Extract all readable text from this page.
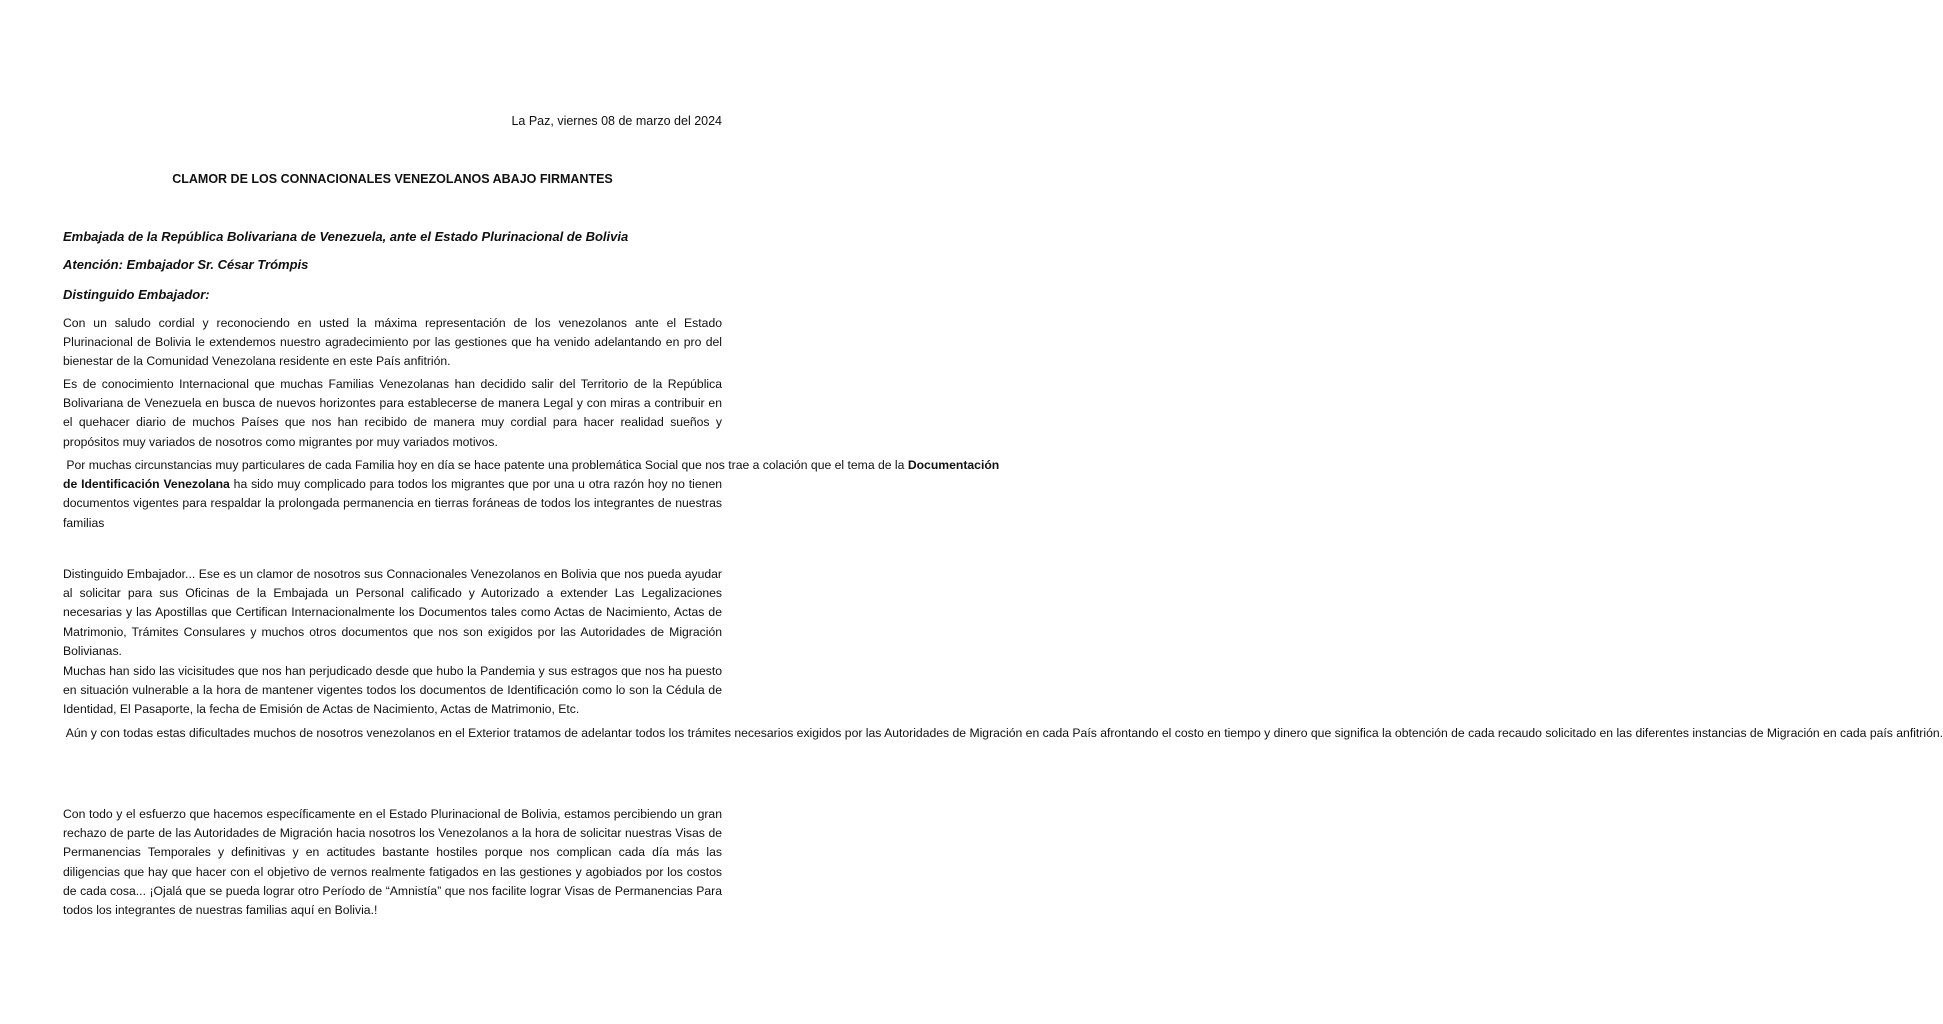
La Paz, viernes 08 de marzo del 2024
CLAMOR DE LOS CONNACIONALES VENEZOLANOS ABAJO FIRMANTES
Embajada de la República Bolivariana de Venezuela, ante el Estado Plurinacional de Bolivia
Atención: Embajador Sr. César Trómpis
Distinguido Embajador:

Con un saludo cordial y reconociendo en usted la máxima representación de los venezolanos ante el Estado Plurinacional de Bolivia le extendemos nuestro agradecimiento por las gestiones que ha venido adelantando en pro del bienestar de la Comunidad Venezolana residente en este País anfitrión.

Es de conocimiento Internacional que muchas Familias Venezolanas han decidido salir del Territorio de la República Bolivariana de Venezuela en busca de nuevos horizontes para establecerse de manera Legal y con miras a contribuir en el quehacer diario de muchos Países que nos han recibido de manera muy cordial para hacer realidad sueños y propósitos muy variados de nosotros como migrantes por muy variados motivos.

Por muchas circunstancias muy particulares de cada Familia hoy en día se hace patente una problemática Social que nos trae a colación que el tema de la Documentación de Identificación Venezolana ha sido muy complicado para todos los migrantes que por una u otra razón hoy no tienen documentos vigentes para respaldar la prolongada permanencia en tierras foráneas de todos los integrantes de nuestras familias

Distinguido Embajador... Ese es un clamor de nosotros sus Connacionales Venezolanos en Bolivia que nos pueda ayudar al solicitar para sus Oficinas de la Embajada un Personal calificado y Autorizado a extender Las Legalizaciones necesarias y las Apostillas que Certifican Internacionalmente los Documentos tales como Actas de Nacimiento, Actas de Matrimonio, Trámites Consulares y muchos otros documentos que nos son exigidos por las Autoridades de Migración Bolivianas.

Muchas han sido las vicisitudes que nos han perjudicado desde que hubo la Pandemia y sus estragos que nos ha puesto en situación vulnerable a la hora de mantener vigentes todos los documentos de Identificación como lo son la Cédula de Identidad, El Pasaporte, la fecha de Emisión de Actas de Nacimiento, Actas de Matrimonio, Etc.

Aún y con todas estas dificultades muchos de nosotros venezolanos en el Exterior tratamos de adelantar todos los trámites necesarios exigidos por las Autoridades de Migración en cada País afrontando el costo en tiempo y dinero que significa la obtención de cada recaudo solicitado en las diferentes instancias de Migración en cada país anfitrión.

Con todo y el esfuerzo que hacemos específicamente en el Estado Plurinacional de Bolivia, estamos percibiendo un gran rechazo de parte de las Autoridades de Migración hacia nosotros los Venezolanos a la hora de solicitar nuestras Visas de Permanencias Temporales y definitivas y en actitudes bastante hostiles porque nos complican cada día más las diligencias que hay que hacer con el objetivo de vernos realmente fatigados en las gestiones y agobiados por los costos de cada cosa... ¡Ojalá que se pueda lograr otro Período de “Amnistía” que nos facilite lograr Visas de Permanencias Para todos los integrantes de nuestras familias aquí en Bolivia.!
